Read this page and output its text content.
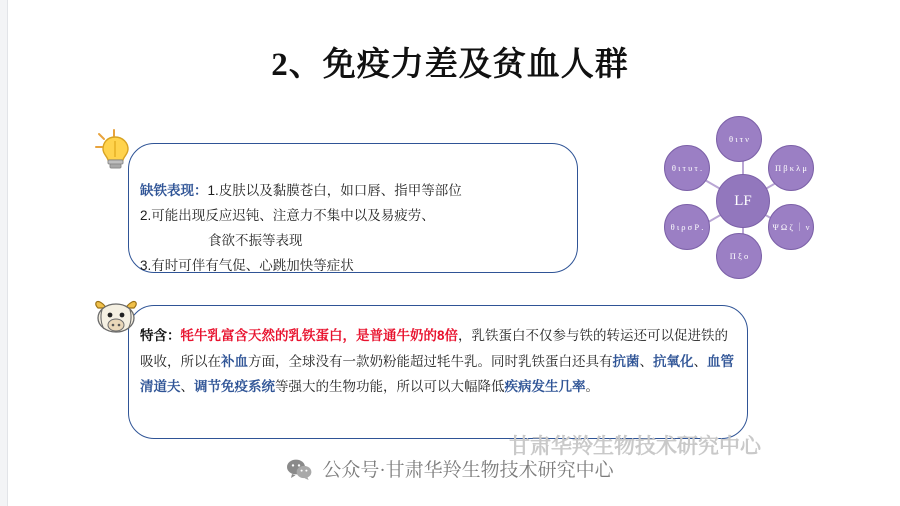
2、免疫力差及贫血人群
缺铁表现：1.皮肤以及黏膜苍白，如口唇、指甲等部位
2.可能出现反应迟钝、注意力不集中以及易疲劳、
食欲不振等表现
3.有时可伴有气促、心跳加快等症状
特含：牦牛乳富含天然的乳铁蛋白，是普通牛奶的8倍，乳铁蛋白不仅参与铁的转运还可以促进铁的吸收，所以在补血方面，全球没有一款奶粉能超过牦牛乳。同时乳铁蛋白还具有抗菌、抗氧化、血管清道夫、调节免疫系统等强大的生物功能，所以可以大幅降低疾病发生几率。
θ ι τ ν
θ ι τ υ τ .	Π β κ λ μ
θ ι ρ σ Ρ .	Ψ Ω ζ ｜ ν
Π ξ ο
LF
甘肃华羚生物技术研究中心
公众号·甘肃华羚生物技术研究中心
